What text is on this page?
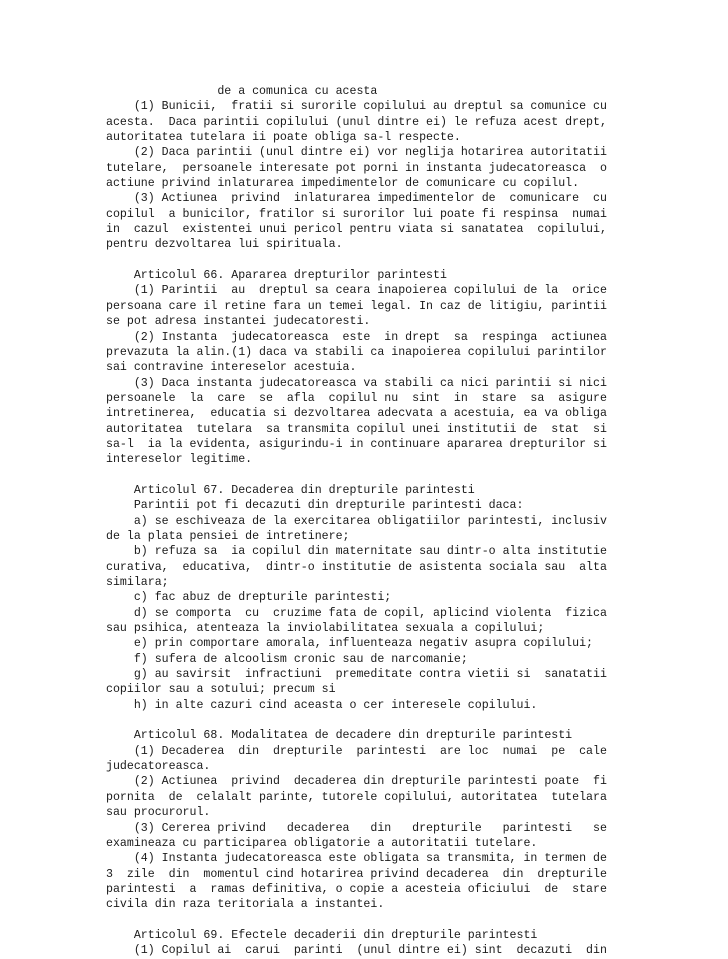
de a comunica cu acesta
(1) Bunicii,  fratii si surorile copilului au dreptul sa comunice cu
acesta.  Daca parintii copilului (unul dintre ei) le refuza acest drept,
autoritatea tutelara ii poate obliga sa-l respecte.
(2) Daca parintii (unul dintre ei) vor neglija hotarirea autoritatii
tutelare,  persoanele interesate pot porni in instanta judecatoreasca  o
actiune privind inlaturarea impedimentelor de comunicare cu copilul.
(3) Actiunea  privind  inlaturarea impedimentelor de  comunicare  cu
copilul  a bunicilor, fratilor si surorilor lui poate fi respinsa  numai
in  cazul  existentei unui pericol pentru viata si sanatatea  copilului,
pentru dezvoltarea lui spirituala.
Articolul 66. Apararea drepturilor parintesti
(1) Parintii  au  dreptul sa ceara inapoierea copilului de la  orice
persoana care il retine fara un temei legal. In caz de litigiu, parintii
se pot adresa instantei judecatoresti.
(2) Instanta  judecatoreasca  este  in drept  sa  respinga  actiunea
prevazuta la alin.(1) daca va stabili ca inapoierea copilului parintilor
sai contravine intereselor acestuia.
(3) Daca instanta judecatoreasca va stabili ca nici parintii si nici
persoanele  la  care  se  afla  copilul nu  sint  in  stare  sa  asigure
intretinerea,  educatia si dezvoltarea adecvata a acestuia, ea va obliga
autoritatea  tutelara  sa transmita copilul unei institutii de  stat  si
sa-l  ia la evidenta, asigurindu-i in continuare apararea drepturilor si
intereselor legitime.
Articolul 67. Decaderea din drepturile parintesti
Parintii pot fi decazuti din drepturile parintesti daca:
a) se eschiveaza de la exercitarea obligatiilor parintesti, inclusiv
de la plata pensiei de intretinere;
b) refuza sa  ia copilul din maternitate sau dintr-o alta institutie
curativa,  educativa,  dintr-o institutie de asistenta sociala sau  alta
similara;
c) fac abuz de drepturile parintesti;
d) se comporta  cu  cruzime fata de copil, aplicind violenta  fizica
sau psihica, atenteaza la inviolabilitatea sexuala a copilului;
e) prin comportare amorala, influenteaza negativ asupra copilului;
f) sufera de alcoolism cronic sau de narcomanie;
g) au savirsit  infractiuni  premeditate contra vietii si  sanatatii
copiilor sau a sotului; precum si
h) in alte cazuri cind aceasta o cer interesele copilului.
Articolul 68. Modalitatea de decadere din drepturile parintesti
(1) Decaderea  din  drepturile  parintesti  are loc  numai  pe  cale
judecatoreasca.
(2) Actiunea  privind  decaderea din drepturile parintesti poate  fi
pornita  de  celalalt parinte, tutorele copilului, autoritatea  tutelara
sau procurorul.
(3) Cererea privind   decaderea   din   drepturile   parintesti   se
examineaza cu participarea obligatorie a autoritatii tutelare.
(4) Instanta judecatoreasca este obligata sa transmita, in termen de
3  zile  din  momentul cind hotarirea privind decaderea  din  drepturile
parintesti  a  ramas definitiva, o copie a acesteia oficiului  de  stare
civila din raza teritoriala a instantei.
Articolul 69. Efectele decaderii din drepturile parintesti
(1) Copilul ai  carui  parinti  (unul dintre ei) sint  decazuti  din
